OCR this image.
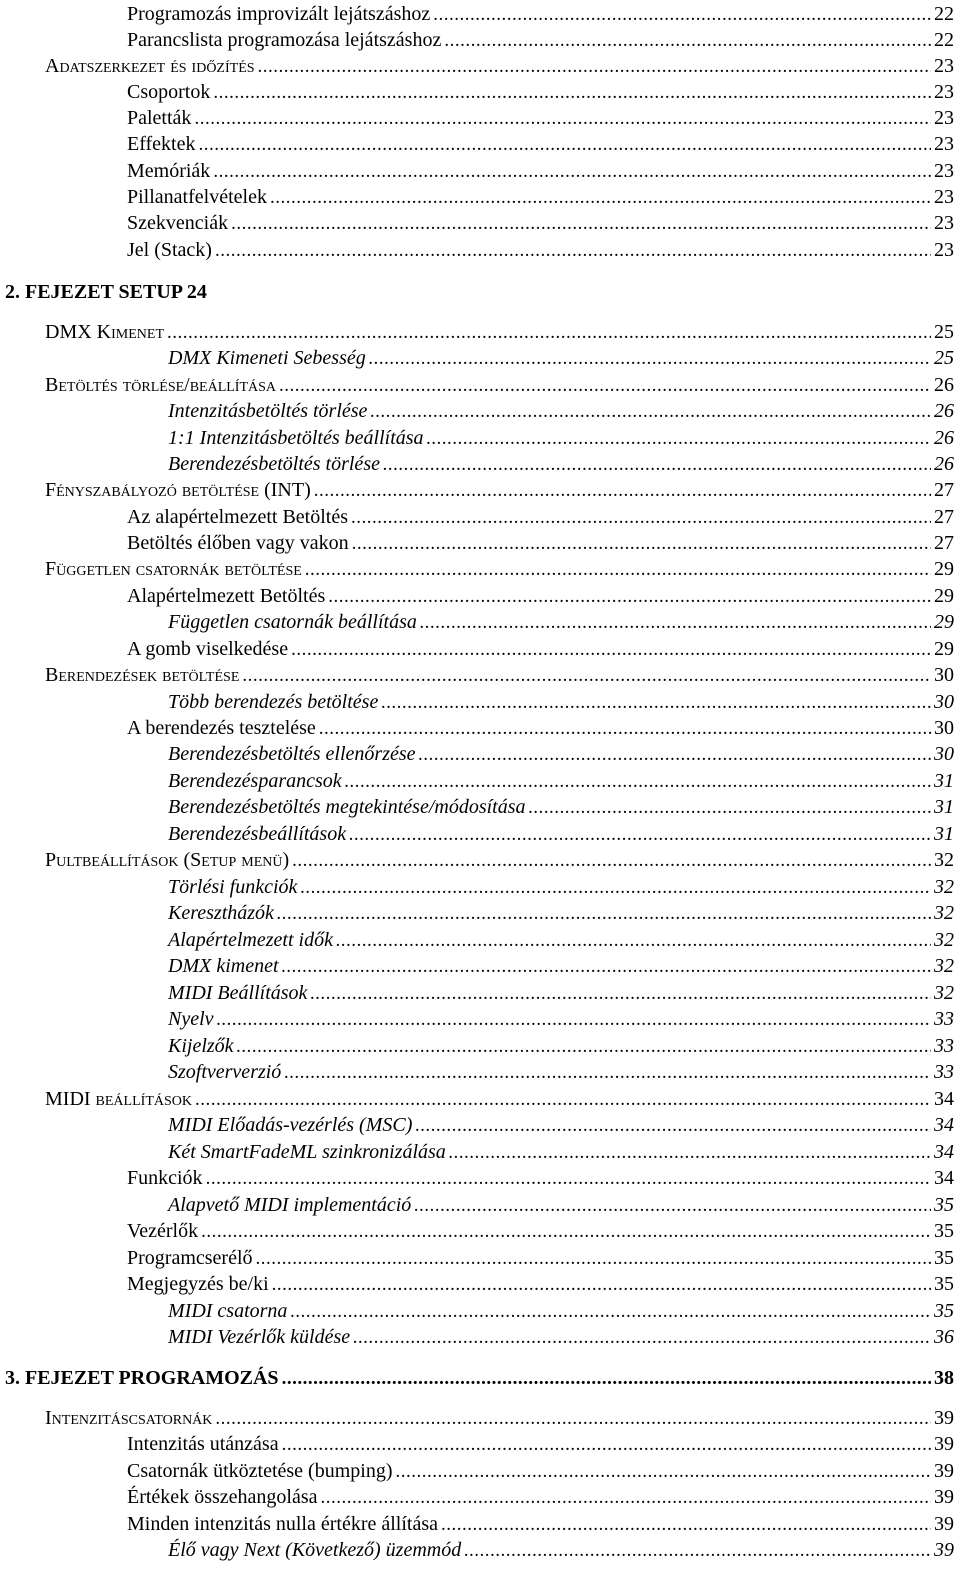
Programozás improvizált lejátszáshoz .....	22
Parancslista programozása lejátszáshoz .....	22
Adatszerkezet és időzítés .....	23
Csoportok .....	23
Paletták .....	23
Effektek .....	23
Memóriák .....	23
Pillanatfelvételek .....	23
Szekvenciák .....	23
Jel (Stack) .....	23
2. FEJEZET SETUP 24
DMX Kimenet .....	25
DMX Kimeneti Sebesség .....	25
Betöltés törlése/beállítása .....	26
Intenzitásbetöltés törlése .....	26
1:1 Intenzitásbetöltés beállítása .....	26
Berendezésbetöltés törlése .....	26
Fényszabályozó betöltése (INT) .....	27
Az alapértelmezett Betöltés .....	27
Betöltés élőben vagy vakon .....	27
Független csatornák betöltése .....	29
Alapértelmezett Betöltés .....	29
Független csatornák beállítása .....	29
A gomb viselkedése .....	29
Berendezések betöltése .....	30
Több berendezés betöltése .....	30
A berendezés tesztelése .....	30
Berendezésbetöltés ellenőrzése .....	30
Berendezésparancsok .....	31
Berendezésbetöltés megtekintése/módosítása .....	31
Berendezésbeállítások .....	31
Pultbeállítások (Setup menü) .....	32
Törlési funkciók .....	32
Keresztházók .....	32
Alapértelmezett idők .....	32
DMX kimenet .....	32
MIDI Beállítások .....	32
Nyelv .....	33
Kijelzők .....	33
Szoftververzió .....	33
MIDI beállítások .....	34
MIDI Előadás-vezérlés (MSC) .....	34
Két SmartFadeML szinkronizálása .....	34
Funkciók .....	34
Alapvető MIDI implementáció .....	35
Vezérlők .....	35
Programcserélő .....	35
Megjegyzés be/ki .....	35
MIDI csatorna .....	35
MIDI Vezérlők küldése .....	36
3. FEJEZET PROGRAMOZÁS .....	38
Intenzitáscsatornák .....	39
Intenzitás utánzása .....	39
Csatornák ütköztetése (bumping) .....	39
Értékek összehangolása .....	39
Minden intenzitás nulla értékre állítása .....	39
Élő vagy Next (Következő) üzemmód .....	39
